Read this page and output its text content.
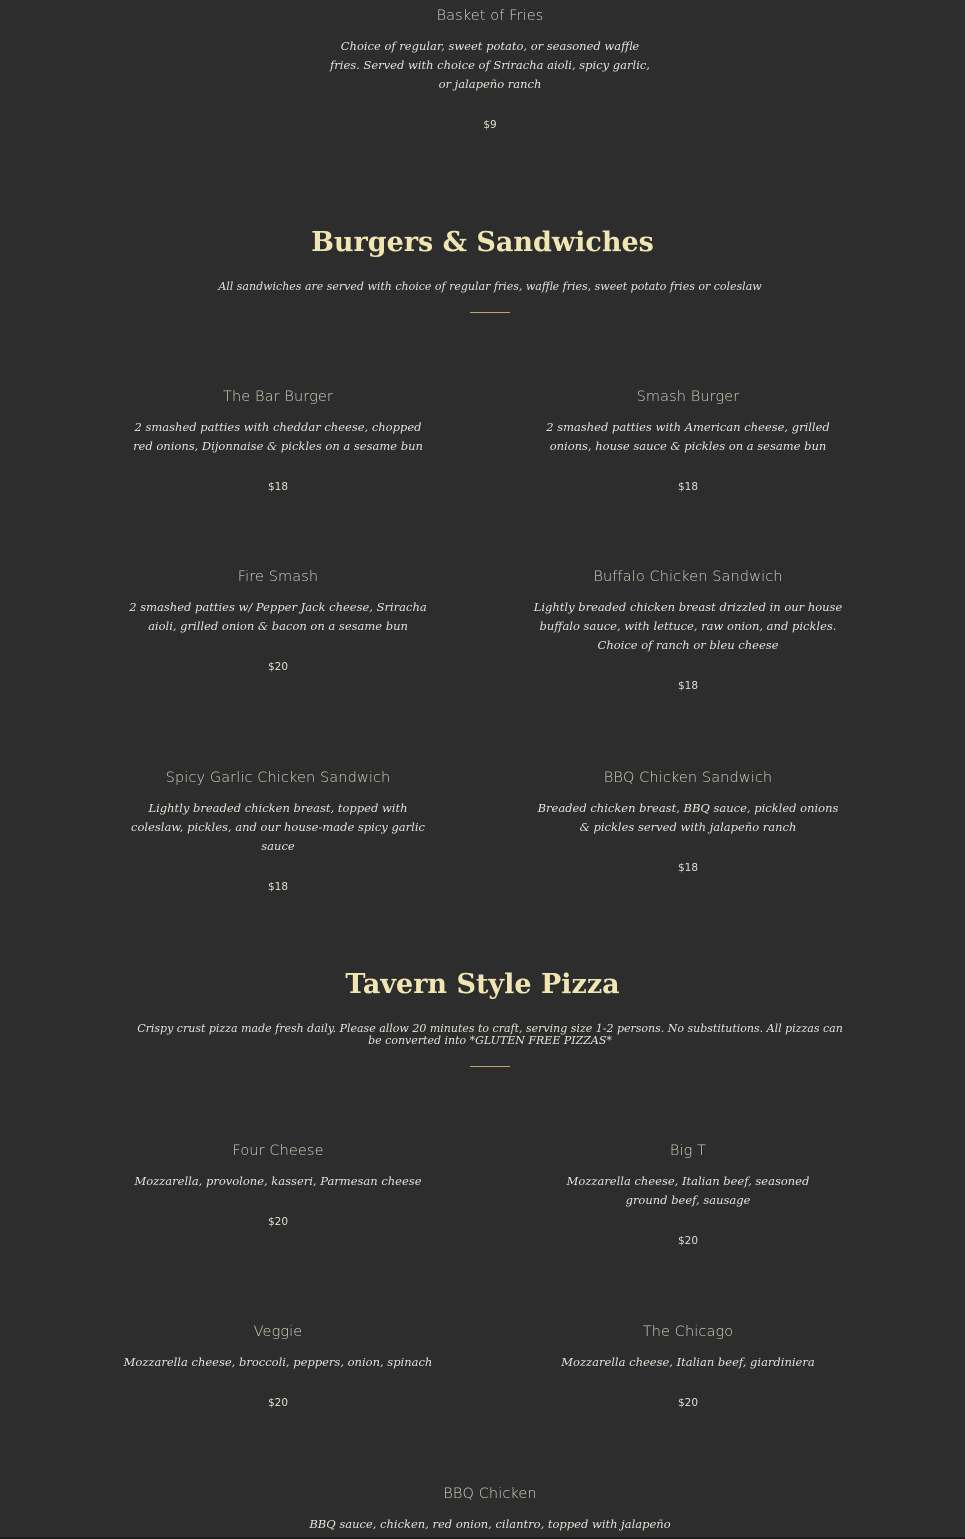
Basket of Fries

Choice of regular, sweet potato, or seasoned waffle fries. Served with choice of Sriracha aioli, spicy garlic, or jalapeño ranch

$9

Burgers & Sandwiches

All sandwiches are served with choice of regular fries, waffle fries, sweet potato fries or coleslaw

The Bar Burger

2 smashed patties with cheddar cheese, chopped red onions, Dijonnaise & pickles on a sesame bun

$18

Smash Burger

2 smashed patties with American cheese, grilled onions, house sauce & pickles on a sesame bun

$18

Fire Smash

2 smashed patties w/ Pepper Jack cheese, Sriracha aioli, grilled onion & bacon on a sesame bun

$20

Buffalo Chicken Sandwich

Lightly breaded chicken breast drizzled in our house buffalo sauce, with lettuce, raw onion, and pickles. Choice of ranch or bleu cheese

$18

Spicy Garlic Chicken Sandwich

Lightly breaded chicken breast, topped with coleslaw, pickles, and our house-made spicy garlic sauce

$18

BBQ Chicken Sandwich

Breaded chicken breast, BBQ sauce, pickled onions & pickles served with jalapeño ranch

$18

Tavern Style Pizza

Crispy crust pizza made fresh daily. Please allow 20 minutes to craft, serving size 1-2 persons. No substitutions. All pizzas can be converted into *GLUTEN FREE PIZZAS*

Four Cheese

Mozzarella, provolone, kasseri, Parmesan cheese

$20

Big T

Mozzarella cheese, Italian beef, seasoned ground beef, sausage

$20

Veggie

Mozzarella cheese, broccoli, peppers, onion, spinach

$20

The Chicago

Mozzarella cheese, Italian beef, giardiniera

$20

BBQ Chicken

BBQ sauce, chicken, red onion, cilantro, topped with jalapeño
